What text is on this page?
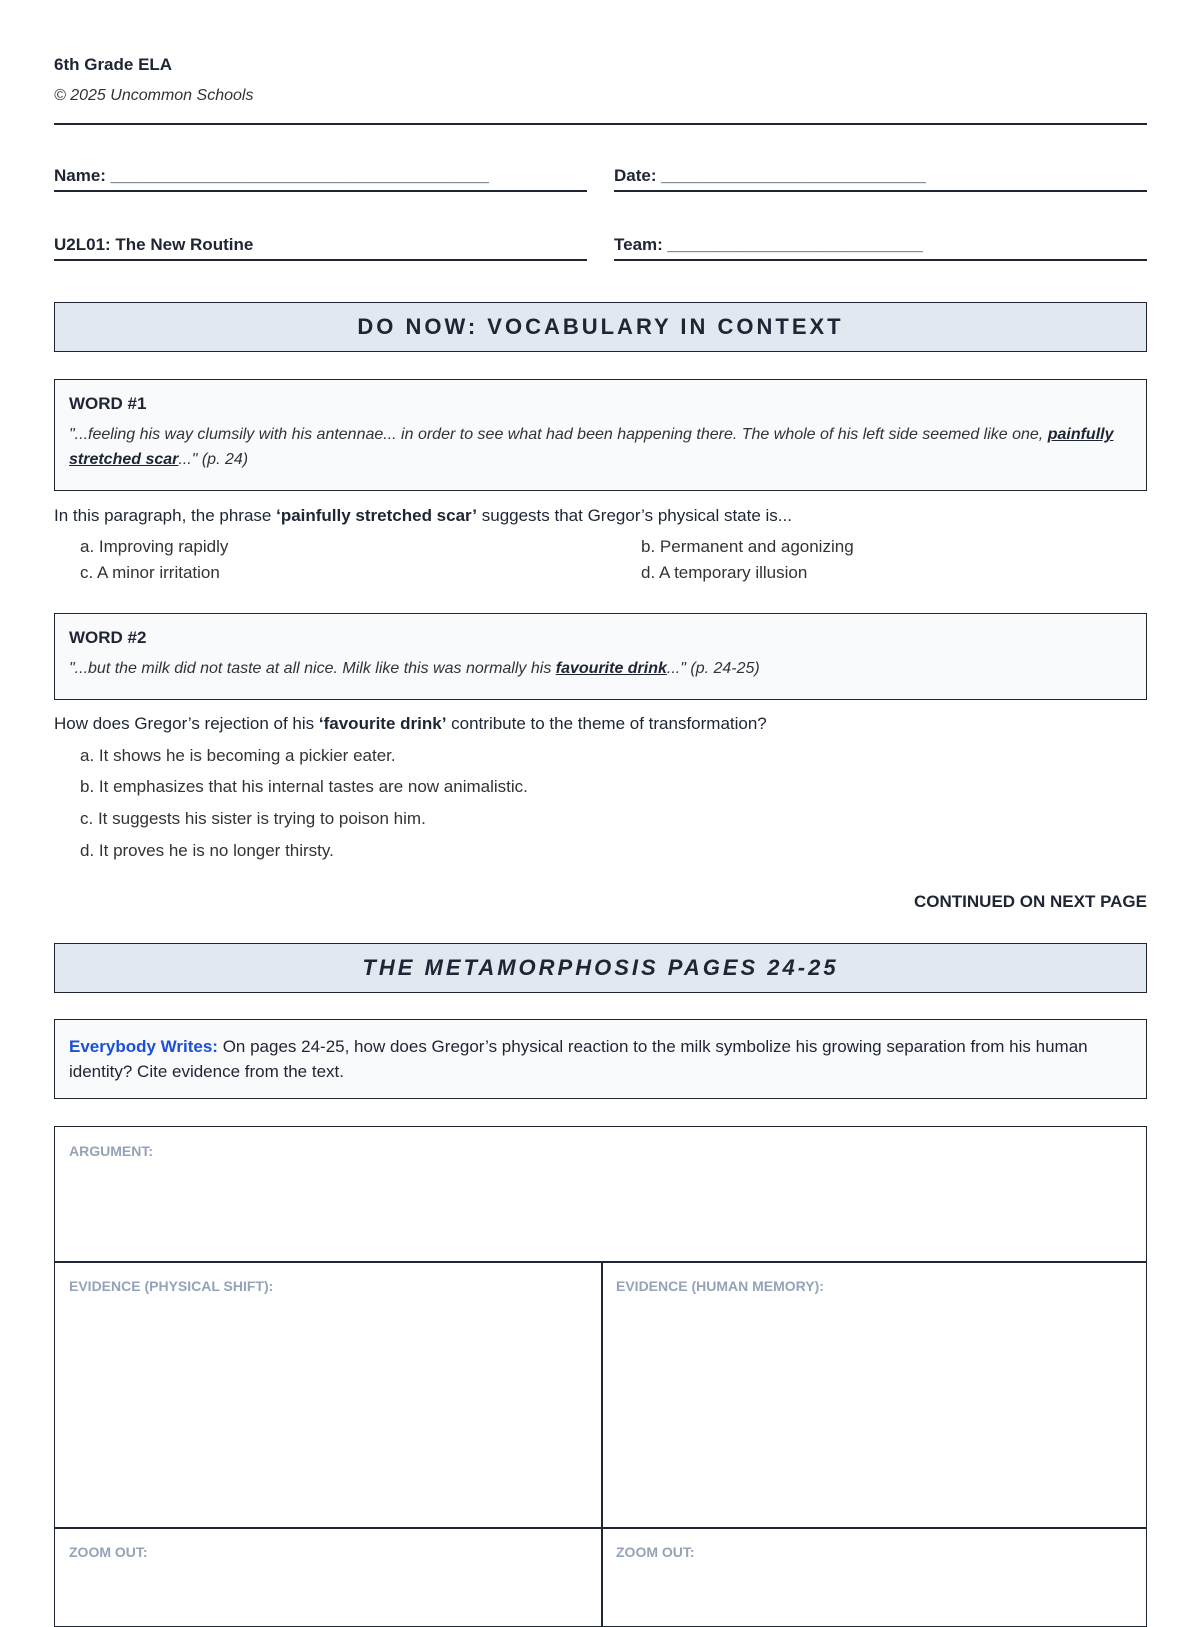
6th Grade ELA
© 2025 Uncommon Schools
Name: ________________________________________	Date: ____________________________
U2L01: The New Routine	Team: ___________________________
DO NOW: VOCABULARY IN CONTEXT
WORD #1
"...feeling his way clumsily with his antennae... in order to see what had been happening there. The whole of his left side seemed like one, painfully stretched scar..." (p. 24)
In this paragraph, the phrase ‘painfully stretched scar’ suggests that Gregor’s physical state is...
a. Improving rapidly	b. Permanent and agonizing
c. A minor irritation	d. A temporary illusion
WORD #2
"...but the milk did not taste at all nice. Milk like this was normally his favourite drink..." (p. 24-25)
How does Gregor’s rejection of his ‘favourite drink’ contribute to the theme of transformation?
a. It shows he is becoming a pickier eater.
b. It emphasizes that his internal tastes are now animalistic.
c. It suggests his sister is trying to poison him.
d. It proves he is no longer thirsty.
CONTINUED ON NEXT PAGE
THE METAMORPHOSIS PAGES 24-25
Everybody Writes: On pages 24-25, how does Gregor’s physical reaction to the milk symbolize his growing separation from his human identity? Cite evidence from the text.
ARGUMENT:
EVIDENCE (PHYSICAL SHIFT):	EVIDENCE (HUMAN MEMORY):
ZOOM OUT:	ZOOM OUT:
